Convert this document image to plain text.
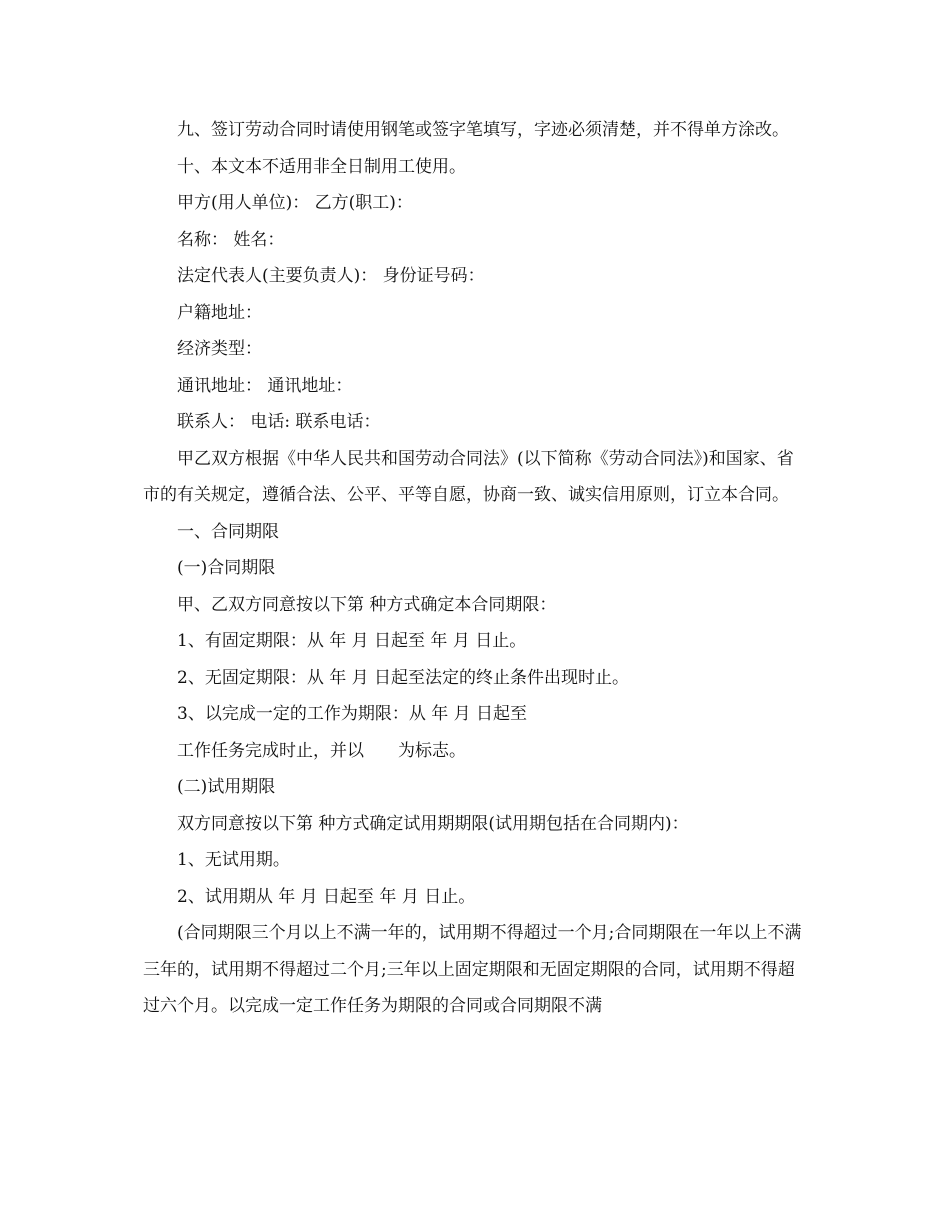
九、签订劳动合同时请使用钢笔或签字笔填写，字迹必须清楚，并不得单方涂改。

十、本文本不适用非全日制用工使用。

甲方(用人单位)： 乙方(职工)：

名称： 姓名：

法定代表人(主要负责人)： 身份证号码：

户籍地址：

经济类型：

通讯地址： 通讯地址：

联系人： 电话: 联系电话：

甲乙双方根据《中华人民共和国劳动合同法》(以下简称《劳动合同法》)和国家、省市的有关规定，遵循合法、公平、平等自愿，协商一致、诚实信用原则，订立本合同。

一、合同期限

(一)合同期限

甲、乙双方同意按以下第 种方式确定本合同期限：

1、有固定期限：从 年 月 日起至 年 月 日止。

2、无固定期限：从 年 月 日起至法定的终止条件出现时止。

3、以完成一定的工作为期限：从 年 月 日起至

工作任务完成时止，并以　　为标志。

(二)试用期限

双方同意按以下第 种方式确定试用期期限(试用期包括在合同期内)：

1、无试用期。

2、试用期从 年 月 日起至 年 月 日止。

(合同期限三个月以上不满一年的，试用期不得超过一个月;合同期限在一年以上不满三年的，试用期不得超过二个月;三年以上固定期限和无固定期限的合同，试用期不得超过六个月。以完成一定工作任务为期限的合同或合同期限不满
